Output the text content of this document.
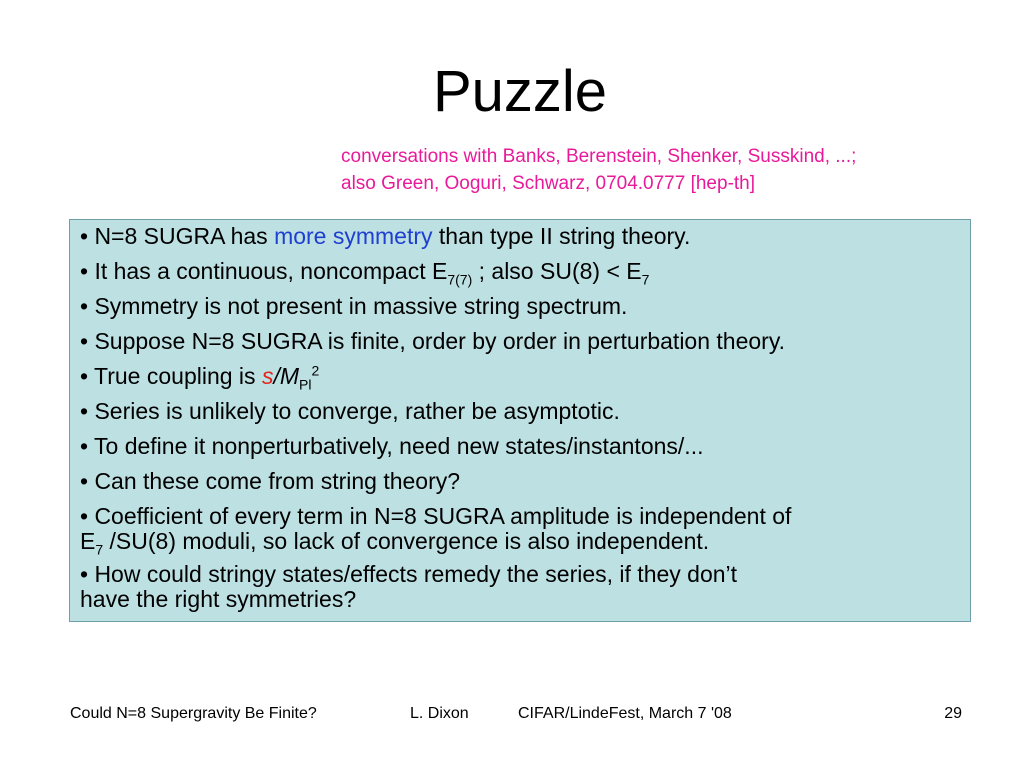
Puzzle
conversations with Banks, Berenstein, Shenker, Susskind, ...;
also Green, Ooguri, Schwarz, 0704.0777 [hep-th]
• N=8 SUGRA has more symmetry than type II string theory.
• It has a continuous, noncompact $E_{7(7)}$ ; also $SU(8) < E_7$
• Symmetry is not present in massive string spectrum.
• Suppose N=8 SUGRA is finite, order by order in perturbation theory.
• True coupling is $s/M_{Pl}^2$
• Series is unlikely to converge, rather be asymptotic.
• To define it nonperturbatively, need new states/instantons/...
• Can these come from string theory?
• Coefficient of every term in N=8 SUGRA amplitude is independent of
$E_7$ /SU(8) moduli, so lack of convergence is also independent.
• How could stringy states/effects remedy the series, if they don’t
have the right symmetries?
Could N=8 Supergravity Be Finite?	L. Dixon	CIFAR/LindeFest, March 7 '08	29
